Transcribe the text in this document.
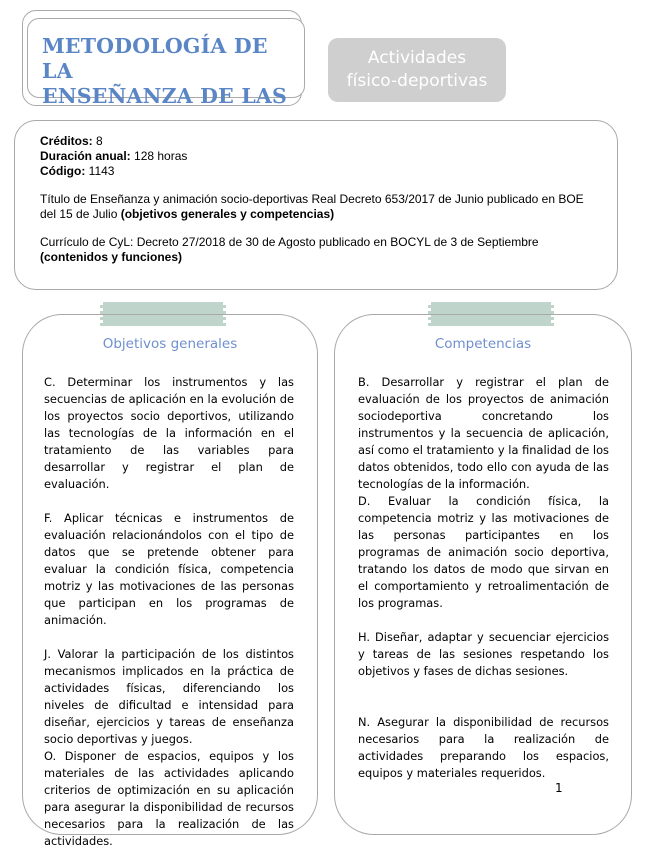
METODOLOGÍA DE LA
ENSEÑANZA DE LAS
Actividades
físico-deportivas

Créditos: 8

Duración anual: 128 horas

Código: 1143

Título de Enseñanza y animación socio-deportivas Real Decreto 653/2017 de Junio publicado en BOE del 15 de Julio (objetivos generales y competencias)

Currículo de CyL: Decreto 27/2018 de 30 de Agosto publicado en BOCYL de 3 de Septiembre (contenidos y funciones)

Objetivos generales

C. Determinar los instrumentos y las secuencias de aplicación en la evolución de los proyectos socio deportivos, utilizando las tecnologías de la información en el tratamiento de las variables para desarrollar y registrar el plan de evaluación.

F. Aplicar técnicas e instrumentos de evaluación relacionándolos con el tipo de datos que se pretende obtener para evaluar la condición física, competencia motriz y las motivaciones de las personas que participan en los programas de animación.

J. Valorar la participación de los distintos mecanismos implicados en la práctica de actividades físicas, diferenciando los niveles de dificultad e intensidad para diseñar, ejercicios y tareas de enseñanza socio deportivas y juegos.

O. Disponer de espacios, equipos y los materiales de las actividades aplicando criterios de optimización en su aplicación para asegurar la disponibilidad de recursos necesarios para la realización de las actividades.

Competencias

B. Desarrollar y registrar el plan de evaluación de los proyectos de animación sociodeportiva concretando los instrumentos y la secuencia de aplicación, así como el tratamiento y la finalidad de los datos obtenidos, todo ello con ayuda de las tecnologías de la información.

D. Evaluar la condición física, la competencia motriz y las motivaciones de las personas participantes en los programas de animación socio deportiva, tratando los datos de modo que sirvan en el comportamiento y retroalimentación de los programas.

H. Diseñar, adaptar y secuenciar ejercicios y tareas de las sesiones respetando los objetivos y fases de dichas sesiones.

N. Asegurar la disponibilidad de recursos necesarios para la realización de actividades preparando los espacios, equipos y materiales requeridos.

1
